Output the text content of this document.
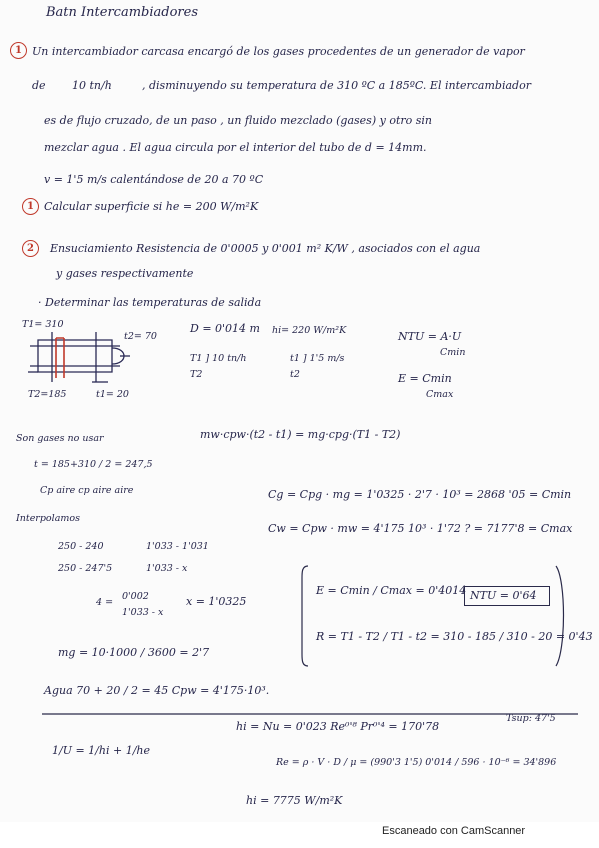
Batn Intercambiadores
1 Un intercambiador carcasa encargó de los gases procedentes de un generador de vapor
de 10 tn/h	, disminuyendo su temperatura de 310 ºC a 185ºC. El intercambiador
es de flujo cruzado, de un paso , un fluido mezclado (gases) y otro sin
mezclar agua . El agua circula por el interior del tubo de d = 14mm.
v = 1'5 m/s calentándose de 20 a 70 ºC
1 Calcular superficie si he = 200 W/m²K
2	Ensuciamiento Resistencia de 0'0005 y 0'001 m² K/W , asociados con el agua
y gases respectivamente
· Determinar las temperaturas de salida
T1= 310
t2= 70
T2=185	t1= 20
D = 0'014 m hi= 220 W/m²K
T1 ] 10 tn/h
T2
t1 ] 1'5 m/s
t2
NTU = A·U
Cmin
E = Cmin
Cmax
mw·cpw·(t2 - t1) = mg·cpg·(T1 - T2)
Son gases no usar
t = 185+310 / 2 = 247,5
Cp aire cp aire aire	Cg = Cpg · mg = 1'0325 · 2'7 · 10³ = 2868 '05 = Cmin
Cw = Cpw · mw = 4'175 10³ · 1'72 ? = 7177'8 = Cmax
Interpolamos
250 - 240
250 - 247'5
1'033 - 1'031
1'033 - x
4 =
0'002
1'033 - x
x = 1'0325
E = Cmin / Cmax = 0'4014 NTU = 0'64
R = T1 - T2 / T1 - t2 = 310 - 185 / 310 - 20 = 0'43
mg = 10·1000 / 3600 = 2'7
Agua 70 + 20 / 2 = 45 Cpw = 4'175·10³.
Tsup: 47'5
hi = Nu = 0'023 Re⁰'⁸ Pr⁰'⁴ = 170'78
1/U = 1/hi + 1/he
Re = ρ · V · D / μ = (990'3 1'5) 0'014 / 596 · 10⁻⁶ = 34'896
hi = 7775 W/m²K
Escaneado con CamScanner
